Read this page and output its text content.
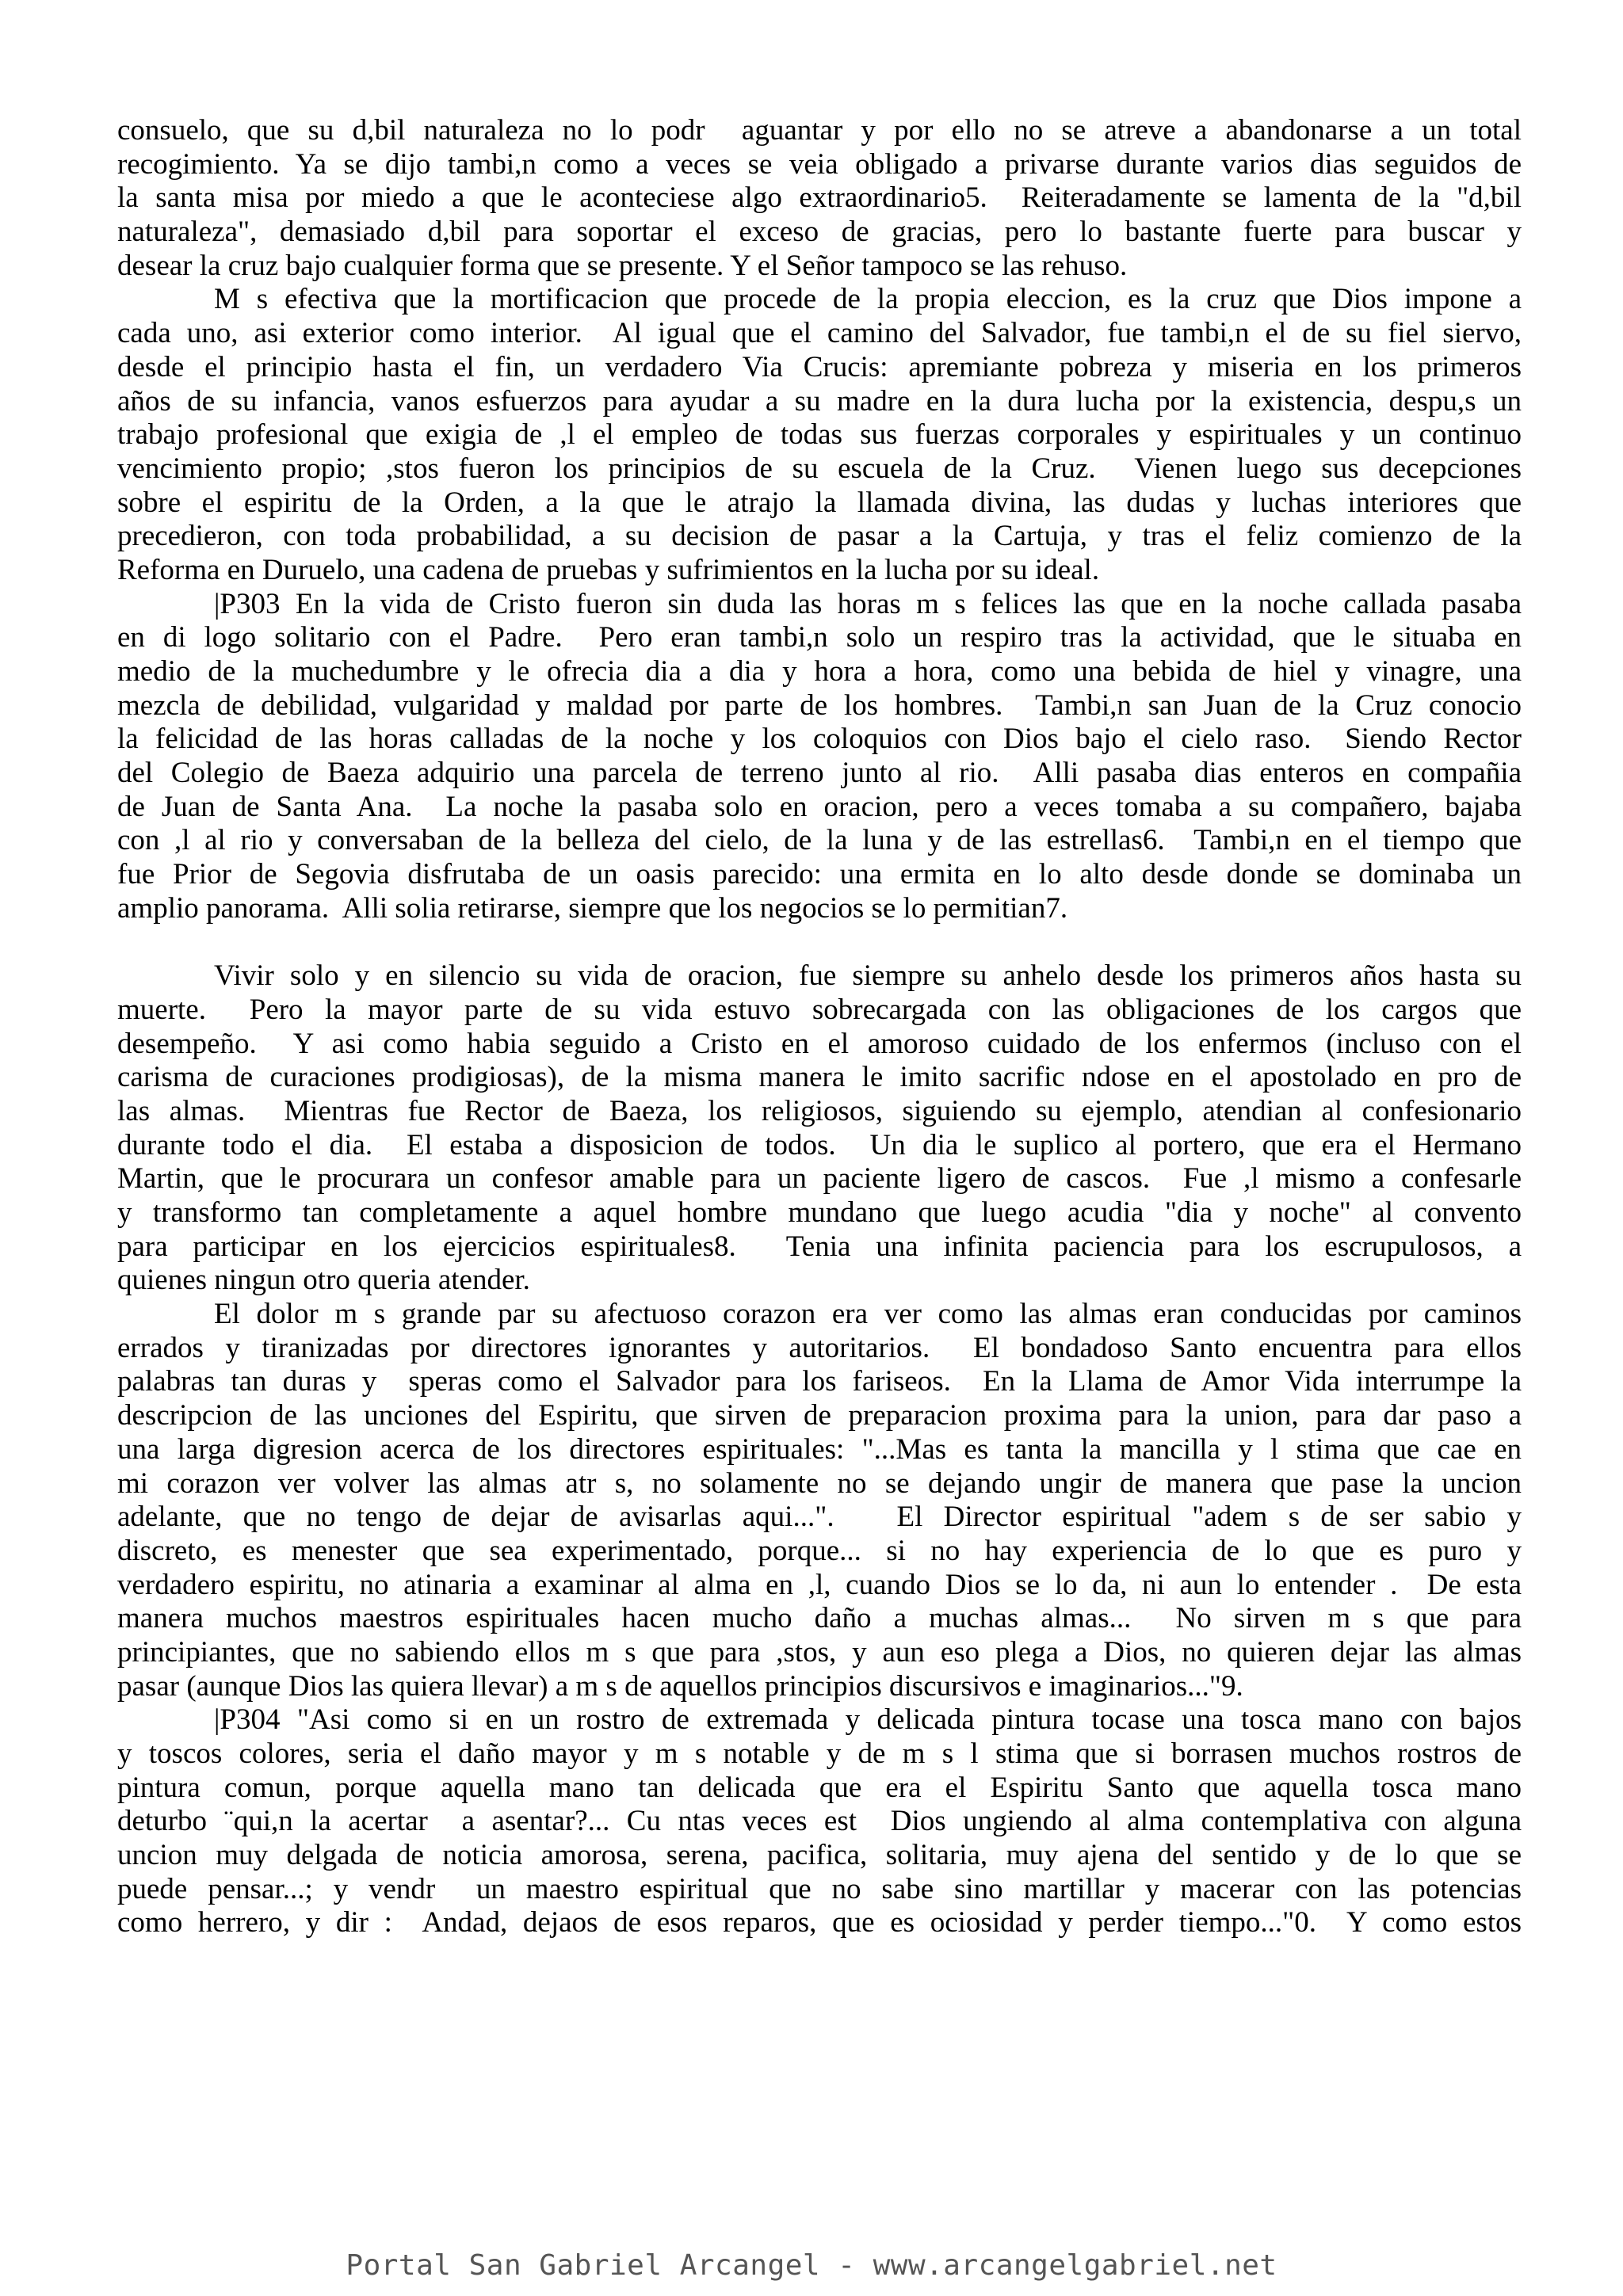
consuelo, que su d,bil naturaleza no lo podr  aguantar y por ello no se atreve a abandonarse a un total
recogimiento. Ya se dijo tambi,n como a veces se veia obligado a privarse durante varios dias seguidos de
la santa misa por miedo a que le aconteciese algo extraordinario5.  Reiteradamente se lamenta de la "d,bil
naturaleza", demasiado d,bil para soportar el exceso de gracias, pero lo bastante fuerte para buscar y
desear la cruz bajo cualquier forma que se presente. Y el Señor tampoco se las rehuso.
M s efectiva que la mortificacion que procede de la propia eleccion, es la cruz que Dios impone a
cada uno, asi exterior como interior.  Al igual que el camino del Salvador, fue tambi,n el de su fiel siervo,
desde el principio hasta el fin, un verdadero Via Crucis: apremiante pobreza y miseria en los primeros
años de su infancia, vanos esfuerzos para ayudar a su madre en la dura lucha por la existencia, despu,s un
trabajo profesional que exigia de ,l el empleo de todas sus fuerzas corporales y espirituales y un continuo
vencimiento propio; ,stos fueron los principios de su escuela de la Cruz.  Vienen luego sus decepciones
sobre el espiritu de la Orden, a la que le atrajo la llamada divina, las dudas y luchas interiores que
precedieron, con toda probabilidad, a su decision de pasar a la Cartuja, y tras el feliz comienzo de la
Reforma en Duruelo, una cadena de pruebas y sufrimientos en la lucha por su ideal.
|P303 En la vida de Cristo fueron sin duda las horas m s felices las que en la noche callada pasaba
en di logo solitario con el Padre.  Pero eran tambi,n solo un respiro tras la actividad, que le situaba en
medio de la muchedumbre y le ofrecia dia a dia y hora a hora, como una bebida de hiel y vinagre, una
mezcla de debilidad, vulgaridad y maldad por parte de los hombres.  Tambi,n san Juan de la Cruz conocio
la felicidad de las horas calladas de la noche y los coloquios con Dios bajo el cielo raso.  Siendo Rector
del Colegio de Baeza adquirio una parcela de terreno junto al rio.  Alli pasaba dias enteros en compañia
de Juan de Santa Ana.  La noche la pasaba solo en oracion, pero a veces tomaba a su compañero, bajaba
con ,l al rio y conversaban de la belleza del cielo, de la luna y de las estrellas6.  Tambi,n en el tiempo que
fue Prior de Segovia disfrutaba de un oasis parecido: una ermita en lo alto desde donde se dominaba un
amplio panorama.  Alli solia retirarse, siempre que los negocios se lo permitian7.
Vivir solo y en silencio su vida de oracion, fue siempre su anhelo desde los primeros años hasta su
muerte.  Pero la mayor parte de su vida estuvo sobrecargada con las obligaciones de los cargos que
desempeño.  Y asi como habia seguido a Cristo en el amoroso cuidado de los enfermos (incluso con el
carisma de curaciones prodigiosas), de la misma manera le imito sacrific ndose en el apostolado en pro de
las almas.  Mientras fue Rector de Baeza, los religiosos, siguiendo su ejemplo, atendian al confesionario
durante todo el dia.  El estaba a disposicion de todos.  Un dia le suplico al portero, que era el Hermano
Martin, que le procurara un confesor amable para un paciente ligero de cascos.  Fue ,l mismo a confesarle
y transformo tan completamente a aquel hombre mundano que luego acudia "dia y noche" al convento
para participar en los ejercicios espirituales8.  Tenia una infinita paciencia para los escrupulosos, a
quienes ningun otro queria atender.
El dolor m s grande par su afectuoso corazon era ver como las almas eran conducidas por caminos
errados y tiranizadas por directores ignorantes y autoritarios.  El bondadoso Santo encuentra para ellos
palabras tan duras y  speras como el Salvador para los fariseos.  En la Llama de Amor Vida interrumpe la
descripcion de las unciones del Espiritu, que sirven de preparacion proxima para la union, para dar paso a
una larga digresion acerca de los directores espirituales: "...Mas es tanta la mancilla y l stima que cae en
mi corazon ver volver las almas atr s, no solamente no se dejando ungir de manera que pase la uncion
adelante, que no tengo de dejar de avisarlas aqui...".   El Director espiritual "adem s de ser sabio y
discreto, es menester que sea experimentado, porque... si no hay experiencia de lo que es puro y
verdadero espiritu, no atinaria a examinar al alma en ,l, cuando Dios se lo da, ni aun lo entender .  De esta
manera muchos maestros espirituales hacen mucho daño a muchas almas...  No sirven m s que para
principiantes, que no sabiendo ellos m s que para ,stos, y aun eso plega a Dios, no quieren dejar las almas
pasar (aunque Dios las quiera llevar) a m s de aquellos principios discursivos e imaginarios..."9.
|P304 "Asi como si en un rostro de extremada y delicada pintura tocase una tosca mano con bajos
y toscos colores, seria el daño mayor y m s notable y de m s l stima que si borrasen muchos rostros de
pintura comun, porque aquella mano tan delicada que era el Espiritu Santo que aquella tosca mano
deturbo ¨qui,n la acertar  a asentar?... Cu ntas veces est  Dios ungiendo al alma contemplativa con alguna
uncion muy delgada de noticia amorosa, serena, pacifica, solitaria, muy ajena del sentido y de lo que se
puede pensar...; y vendr  un maestro espiritual que no sabe sino martillar y macerar con las potencias
como herrero, y dir :  Andad, dejaos de esos reparos, que es ociosidad y perder tiempo..."0.  Y como estos
Portal San Gabriel Arcangel - www.arcangelgabriel.net
